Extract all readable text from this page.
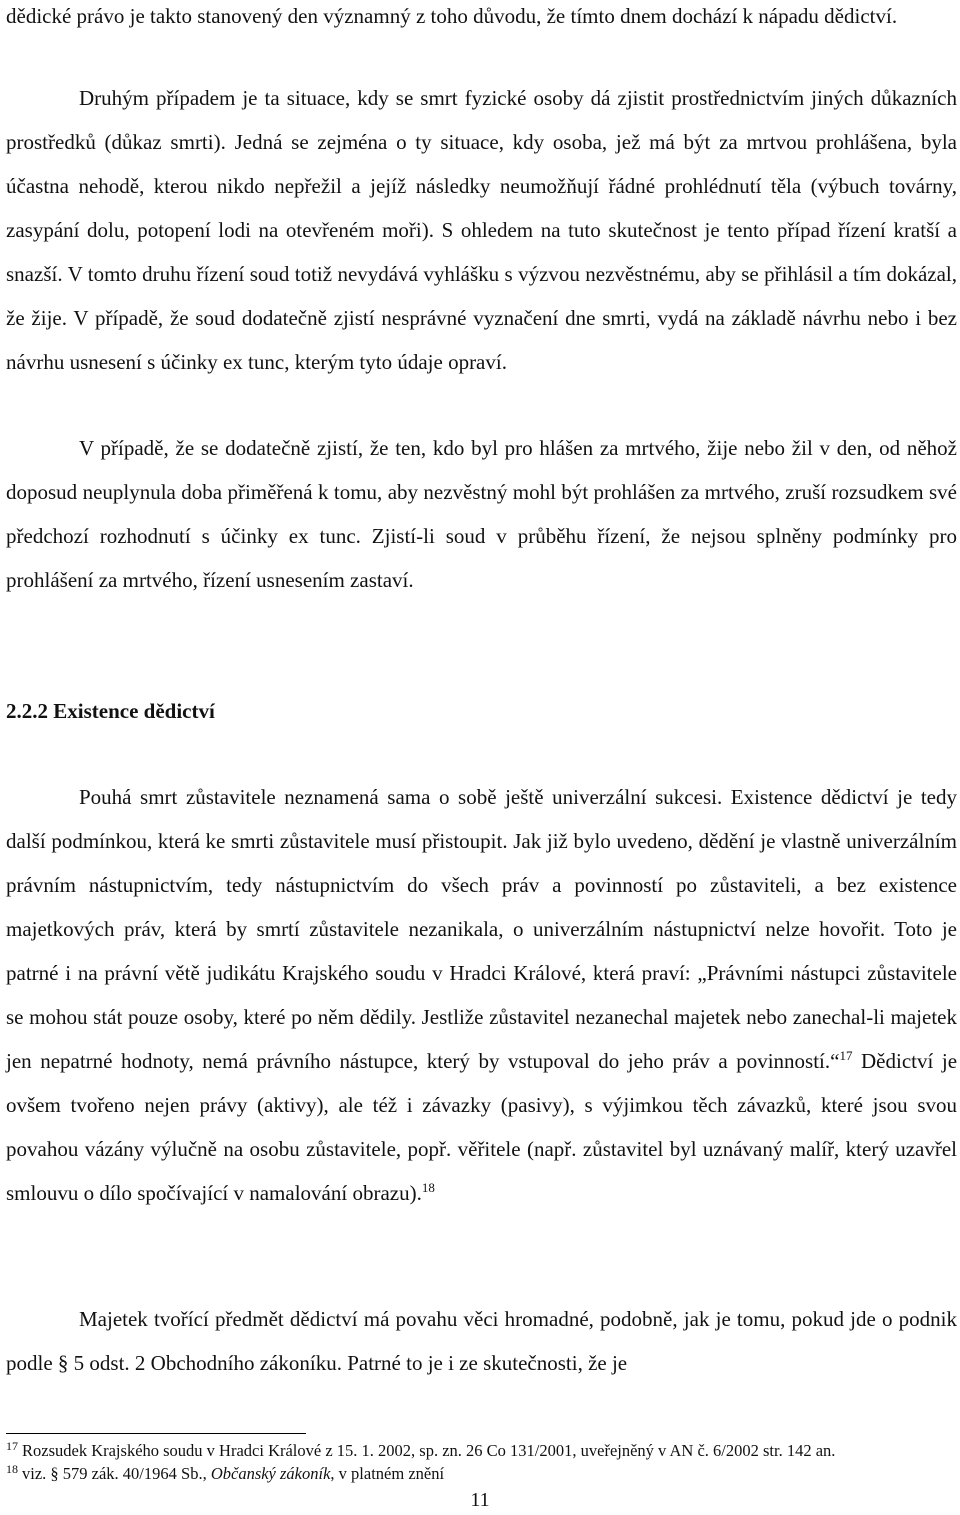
dědické právo je takto stanovený den významný z toho důvodu, že tímto dnem dochází k nápadu dědictví.

Druhým případem je ta situace, kdy se smrt fyzické osoby dá zjistit prostřednictvím jiných důkazních prostředků (důkaz smrti). Jedná se zejména o ty situace, kdy osoba, jež má být za mrtvou prohlášena, byla účastna nehodě, kterou nikdo nepřežil a jejíž následky neumožňují řádné prohlédnutí těla (výbuch továrny, zasypání dolu, potopení lodi na otevřeném moři). S ohledem na tuto skutečnost je tento případ řízení kratší a snazší. V tomto druhu řízení soud totiž nevydává vyhlášku s výzvou nezvěstnému, aby se přihlásil a tím dokázal, že žije. V případě, že soud dodatečně zjistí nesprávné vyznačení dne smrti, vydá na základě návrhu nebo i bez návrhu usnesení s účinky ex tunc, kterým tyto údaje opraví.

V případě, že se dodatečně zjistí, že ten, kdo byl pro hlášen za mrtvého, žije nebo žil v den, od něhož doposud neuplynula doba přiměřená k tomu, aby nezvěstný mohl být prohlášen za mrtvého, zruší rozsudkem své předchozí rozhodnutí s účinky ex tunc. Zjistí-li soud v průběhu řízení, že nejsou splněny podmínky pro prohlášení za mrtvého, řízení usnesením zastaví.

2.2.2 Existence dědictví

Pouhá smrt zůstavitele neznamená sama o sobě ještě univerzální sukcesi. Existence dědictví je tedy další podmínkou, která ke smrti zůstavitele musí přistoupit. Jak již bylo uvedeno, dědění je vlastně univerzálním právním nástupnictvím, tedy nástupnictvím do všech práv a povinností po zůstaviteli, a bez existence majetkových práv, která by smrtí zůstavitele nezanikala, o univerzálním nástupnictví nelze hovořit. Toto je patrné i na právní větě judikátu Krajského soudu v Hradci Králové, která praví: „Právními nástupci zůstavitele se mohou stát pouze osoby, které po něm dědily. Jestliže zůstavitel nezanechal majetek nebo zanechal-li majetek jen nepatrné hodnoty, nemá právního nástupce, který by vstupoval do jeho práv a povinností.“$^{17}$ Dědictví je ovšem tvořeno nejen právy (aktivy), ale též i závazky (pasivy), s výjimkou těch závazků, které jsou svou povahou vázány výlučně na osobu zůstavitele, popř. věřitele (např. zůstavitel byl uznávaný malíř, který uzavřel smlouvu o dílo spočívající v namalování obrazu).$^{18}$

Majetek tvořící předmět dědictví má povahu věci hromadné, podobně, jak je tomu, pokud jde o podnik podle § 5 odst. 2 Obchodního zákoníku. Patrné to je i ze skutečnosti, že je

$^{17}$ Rozsudek Krajského soudu v Hradci Králové z 15. 1. 2002, sp. zn. 26 Co 131/2001, uveřejněný v AN č. 6/2002 str. 142 an.

$^{18}$ viz. § 579 zák. 40/1964 Sb., Občanský zákoník, v platném znění

11
